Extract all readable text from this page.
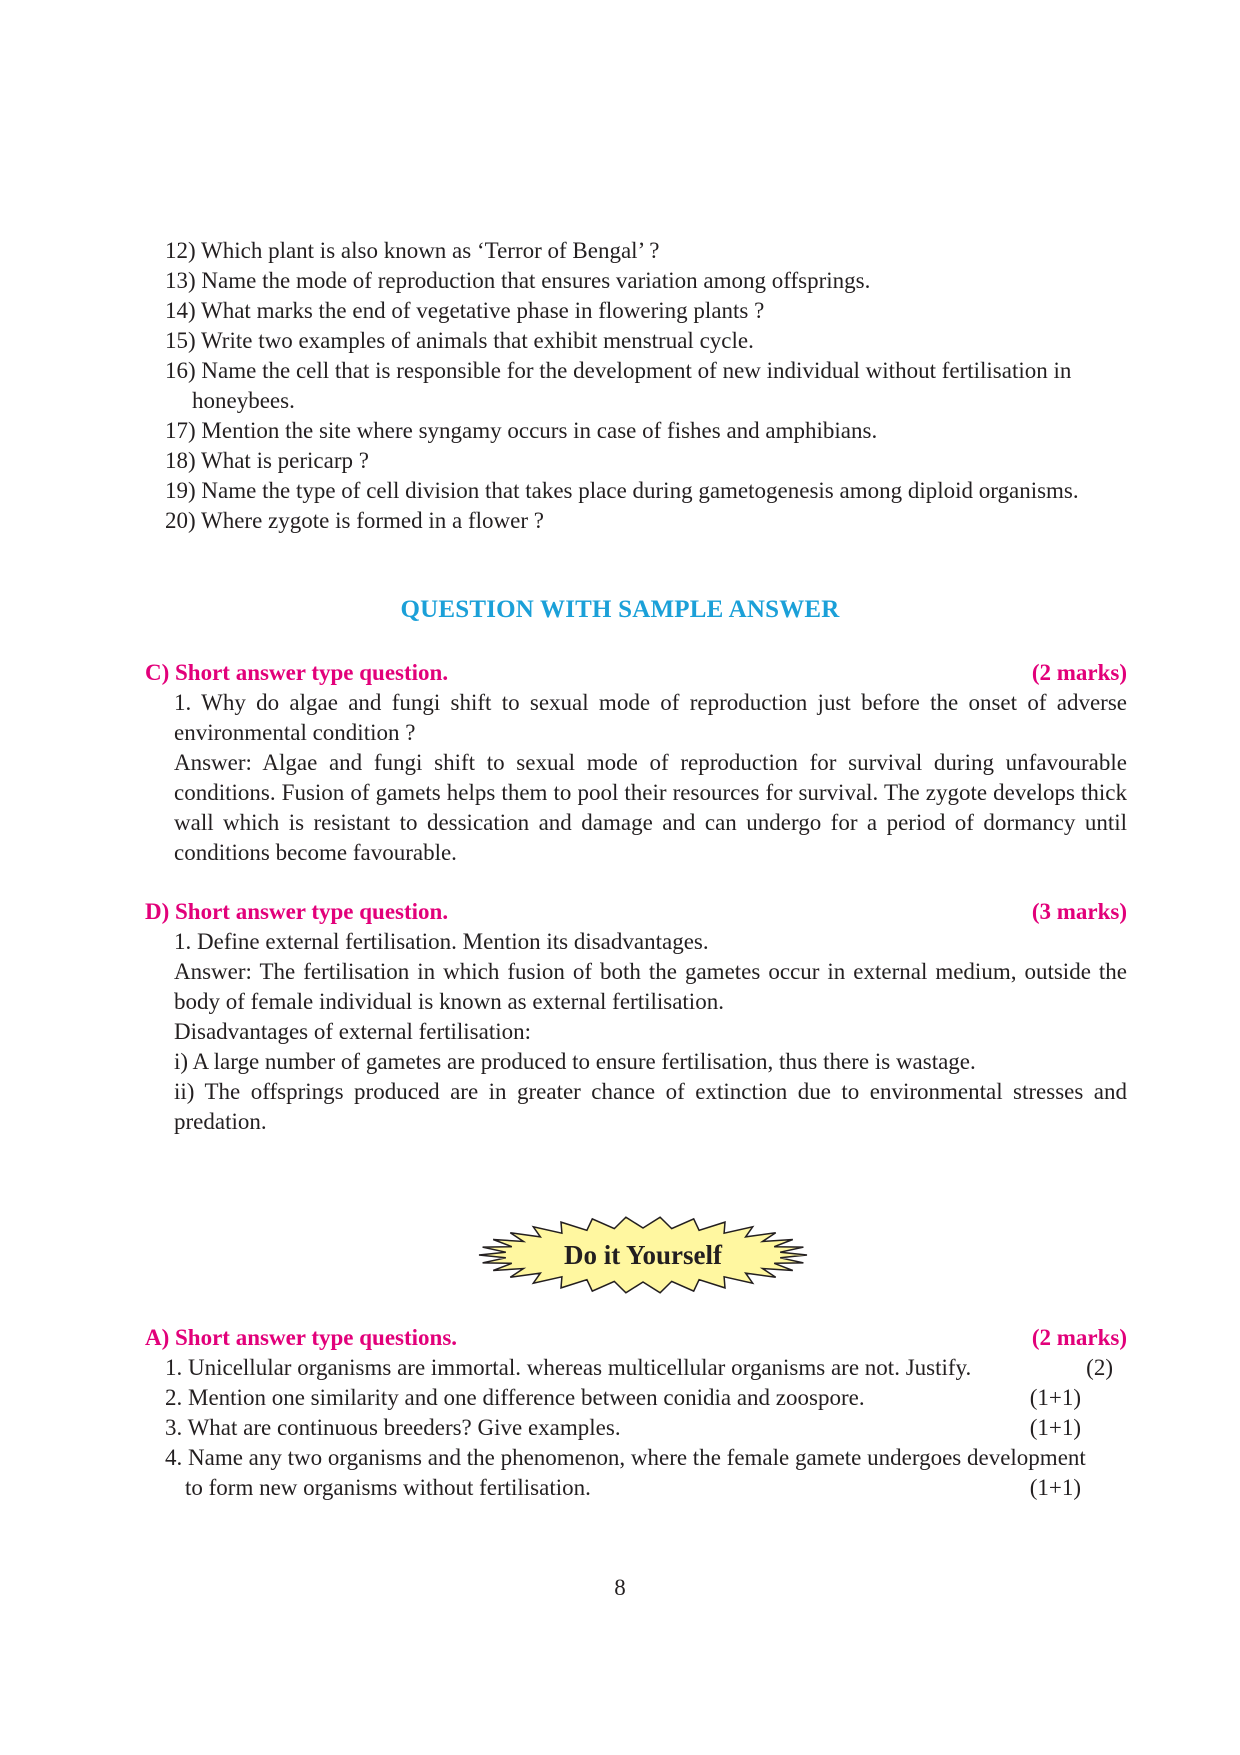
12) Which plant is also known as ‘Terror of Bengal’ ?
13) Name the mode of reproduction that ensures variation among offsprings.
14) What marks the end of vegetative phase in flowering plants ?
15) Write two examples of animals that exhibit menstrual cycle.
16) Name the cell that is responsible for the development of new individual without fertilisation in
honeybees.
17) Mention the site where syngamy occurs in case of fishes and amphibians.
18) What is pericarp ?
19) Name the type of cell division that takes place during gametogenesis among diploid organisms.
20) Where zygote is formed in a flower ?
QUESTION WITH SAMPLE ANSWER
C) Short answer type question.	(2 marks)

1. Why do algae and fungi shift to sexual mode of reproduction just before the onset of adverse environmental condition ?

Answer: Algae and fungi shift to sexual mode of reproduction for survival during unfavourable conditions. Fusion of gamets helps them to pool their resources for survival. The zygote develops thick wall which is resistant to dessication and damage and can undergo for a period of dormancy until conditions become favourable.

D) Short answer type question.	(3 marks)

1. Define external fertilisation. Mention its disadvantages.

Answer: The fertilisation in which fusion of both the gametes occur in external medium, outside the body of female individual is known as external fertilisation.

Disadvantages of external fertilisation:

i) A large number of gametes are produced to ensure fertilisation, thus there is wastage.

ii) The offsprings produced are in greater chance of extinction due to environmental stresses and predation.

Do it Yourself
A) Short answer type questions.	(2 marks)
1. Unicellular organisms are immortal. whereas multicellular organisms are not. Justify.	(2)
2. Mention one similarity and one difference between conidia and zoospore.	(1+1)
3. What are continuous breeders? Give examples.	(1+1)
4. Name any two organisms and the phenomenon, where the female gamete undergoes development
to form new organisms without fertilisation.	(1+1)
8
